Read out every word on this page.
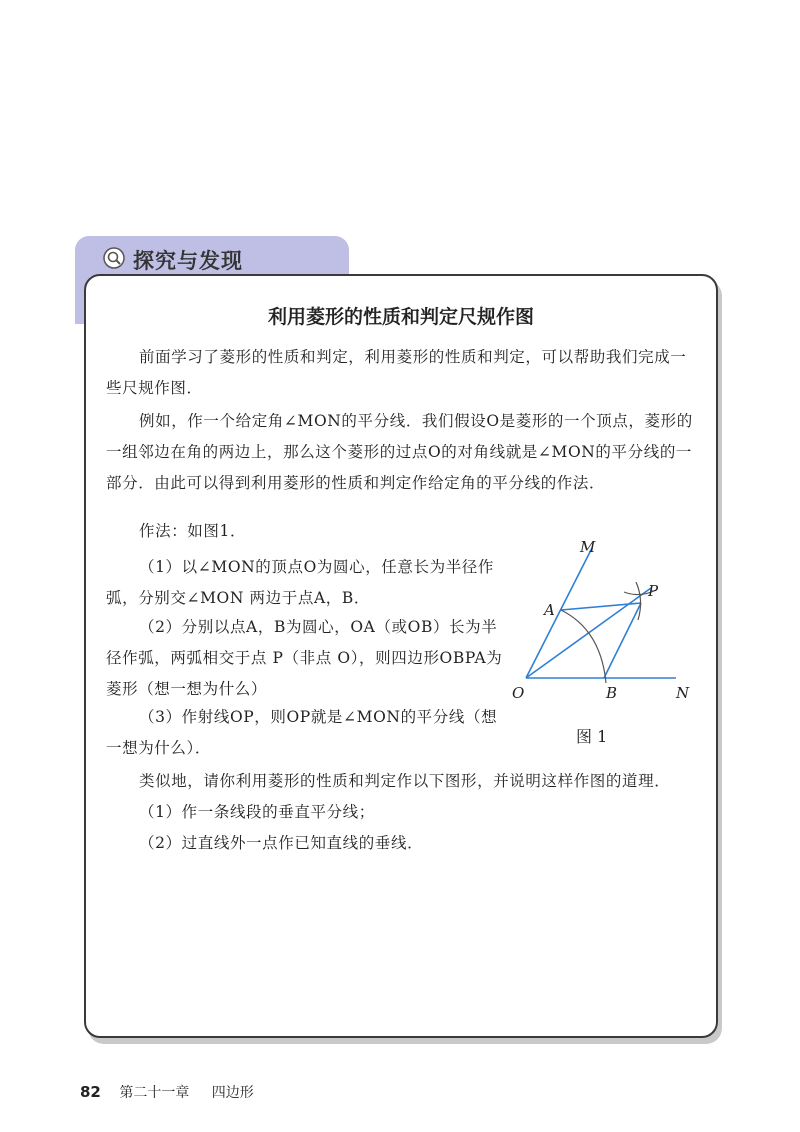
探究与发现
利用菱形的性质和判定尺规作图
前面学习了菱形的性质和判定，利用菱形的性质和判定，可以帮助我们完成一些尺规作图．
例如，作一个给定角∠MON的平分线．我们假设O是菱形的一个顶点，菱形的一组邻边在角的两边上，那么这个菱形的过点O的对角线就是∠MON的平分线的一部分．由此可以得到利用菱形的性质和判定作给定角的平分线的作法．
作法：如图1．
（1）以∠MON的顶点O为圆心，任意长为半径作弧，分别交∠MON 两边于点A，B．
（2）分别以点A，B为圆心，OA（或OB）长为半径作弧，两弧相交于点 P（非点 O），则四边形OBPA为菱形（想一想为什么）
（3）作射线OP，则OP就是∠MON的平分线（想一想为什么）．
类似地，请你利用菱形的性质和判定作以下图形，并说明这样作图的道理．
（1）作一条线段的垂直平分线；
（2）过直线外一点作已知直线的垂线．
M
A
P
O	B	N
图 1
82 第二十一章 四边形
